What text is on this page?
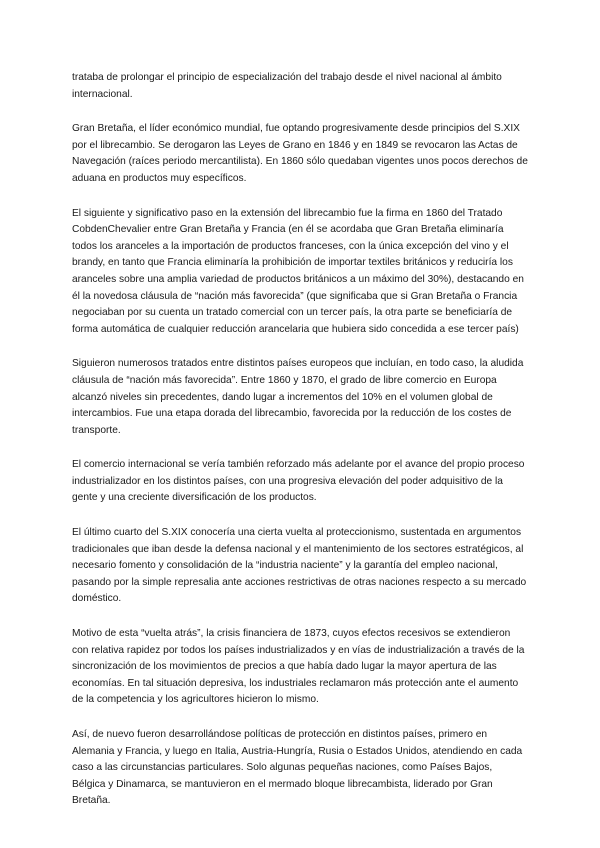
trataba de prolongar el principio de especialización del trabajo desde el nivel nacional al ámbito internacional.

Gran Bretaña, el líder económico mundial, fue optando progresivamente desde principios del S.XIX por el librecambio. Se derogaron las Leyes de Grano en 1846 y en 1849 se revocaron las Actas de Navegación (raíces periodo mercantilista). En 1860 sólo quedaban vigentes unos pocos derechos de aduana en productos muy específicos.

El siguiente y significativo paso en la extensión del librecambio fue la firma en 1860 del Tratado CobdenChevalier entre Gran Bretaña y Francia (en él se acordaba que Gran Bretaña eliminaría todos los aranceles a la importación de productos franceses, con la única excepción del vino y el brandy, en tanto que Francia eliminaría la prohibición de importar textiles británicos y reduciría los aranceles sobre una amplia variedad de productos británicos a un máximo del 30%), destacando en él la novedosa cláusula de “nación más favorecida” (que significaba que si Gran Bretaña o Francia negociaban por su cuenta un tratado comercial con un tercer país, la otra parte se beneficiaría de forma automática de cualquier reducción arancelaria que hubiera sido concedida a ese tercer país)

Siguieron numerosos tratados entre distintos países europeos que incluían, en todo caso, la aludida cláusula de “nación más favorecida”. Entre 1860 y 1870, el grado de libre comercio en Europa alcanzó niveles sin precedentes, dando lugar a incrementos del 10% en el volumen global de intercambios. Fue una etapa dorada del librecambio, favorecida por la reducción de los costes de transporte.

El comercio internacional se vería también reforzado más adelante por el avance del propio proceso industrializador en los distintos países, con una progresiva elevación del poder adquisitivo de la gente y una creciente diversificación de los productos.

El último cuarto del S.XIX conocería una cierta vuelta al proteccionismo, sustentada en argumentos tradicionales que iban desde la defensa nacional y el mantenimiento de los sectores estratégicos, al necesario fomento y consolidación de la “industria naciente” y la garantía del empleo nacional, pasando por la simple represalia ante acciones restrictivas de otras naciones respecto a su mercado doméstico.

Motivo de esta “vuelta atrás”, la crisis financiera de 1873, cuyos efectos recesivos se extendieron con relativa rapidez por todos los países industrializados y en vías de industrialización a través de la sincronización de los movimientos de precios a que había dado lugar la mayor apertura de las economías. En tal situación depresiva, los industriales reclamaron más protección ante el aumento de la competencia y los agricultores hicieron lo mismo.

Así, de nuevo fueron desarrollándose políticas de protección en distintos países, primero en Alemania y Francia, y luego en Italia, Austria-Hungría, Rusia o Estados Unidos, atendiendo en cada caso a las circunstancias particulares. Solo algunas pequeñas naciones, como Países Bajos, Bélgica y Dinamarca, se mantuvieron en el mermado bloque librecambista, liderado por Gran Bretaña.
